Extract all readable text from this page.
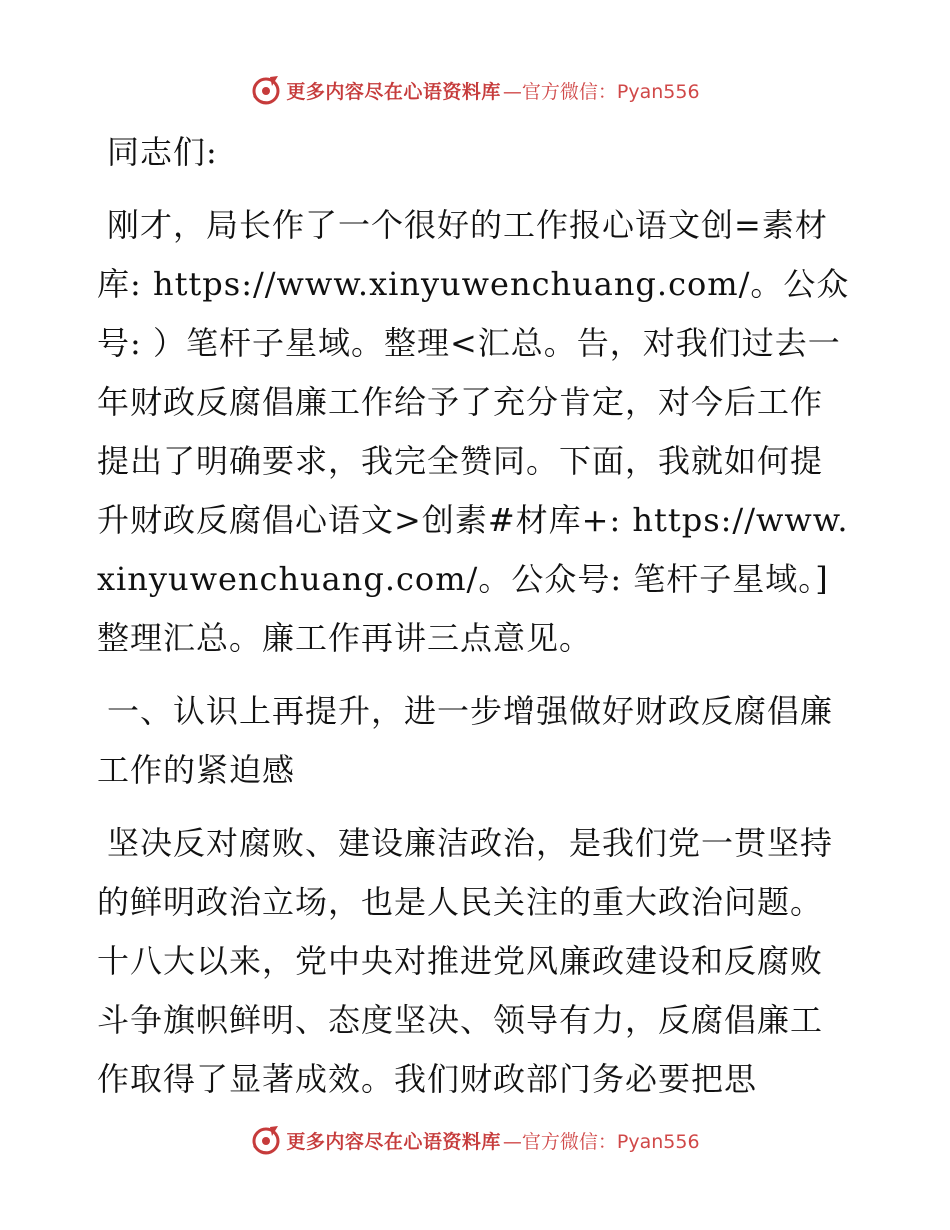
更多内容尽在心语资料库 —官方微信：Pyan556

同志们:

刚才，局长作了一个很好的工作报心语文创=素材库: https://www.xinyuwenchuang.com/。公众号: ）笔杆子星域。整理<汇总。告，对我们过去一年财政反腐倡廉工作给予了充分肯定，对今后工作提出了明确要求，我完全赞同。下面，我就如何提升财政反腐倡心语文>创素#材库+: https://www.xinyuwenchuang.com/。公众号: 笔杆子星域。]整理汇总。廉工作再讲三点意见。

一、认识上再提升，进一步增强做好财政反腐倡廉工作的紧迫感

坚决反对腐败、建设廉洁政治，是我们党一贯坚持的鲜明政治立场，也是人民关注的重大政治问题。十八大以来，党中央对推进党风廉政建设和反腐败斗争旗帜鲜明、态度坚决、领导有力，反腐倡廉工作取得了显著成效。我们财政部门务必要把思

更多内容尽在心语资料库 —官方微信：Pyan556
